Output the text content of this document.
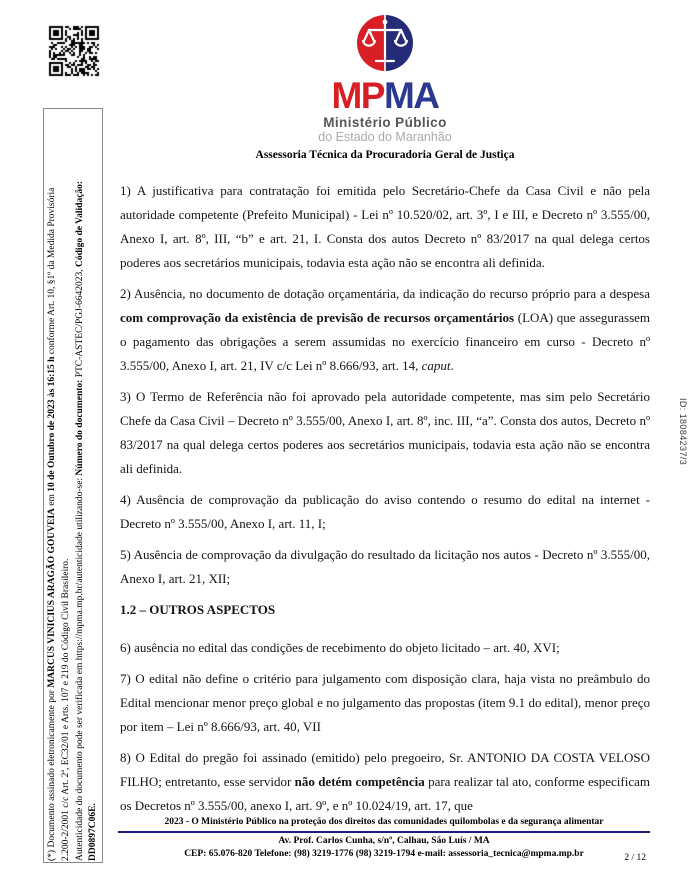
(*) Documento assinado eletronicamente por MARCUS VINICIUS ARAGÃO GOUVEIA em 10 de Outubro de 2023 às 16:15 h conforme Art. 10, §1º da Medida Provisória
2.200-2/2001 c/c Art. 2ª, EC32/01 e Arts. 107 e 219 do Código Civil Brasileiro. Autenticidade do documento pode ser verificada em https://mpma.mp.br/autenticidade utilizando-se: Número do documento: PTC-ASTEC/PGJ-6642023, Código de Validação:
DD0897C06E.
ID: 18084237/3
MPMA
Ministério Público
do Estado do Maranhão
Assessoria Técnica da Procuradoria Geral de Justiça

1) A justificativa para contratação foi emitida pelo Secretário-Chefe da Casa Civil e não pela autoridade competente (Prefeito Municipal) - Lei nº 10.520/02, art. 3º, I e III, e Decreto nº 3.555/00, Anexo I, art. 8º, III, “b” e art. 21, I. Consta dos autos Decreto nº 83/2017 na qual delega certos poderes aos secretários municipais, todavia esta ação não se encontra ali definida.

2) Ausência, no documento de dotação orçamentária, da indicação do recurso próprio para a despesa com comprovação da existência de previsão de recursos orçamentários (LOA) que assegurassem o pagamento das obrigações a serem assumidas no exercício financeiro em curso - Decreto nº 3.555/00, Anexo I, art. 21, IV c/c Lei nº 8.666/93, art. 14, caput.

3) O Termo de Referência não foi aprovado pela autoridade competente, mas sim pelo Secretário Chefe da Casa Civil – Decreto nº 3.555/00, Anexo I, art. 8º, inc. III, “a”. Consta dos autos, Decreto nº 83/2017 na qual delega certos poderes aos secretários municipais, todavia esta ação não se encontra ali definida.

4) Ausência de comprovação da publicação do aviso contendo o resumo do edital na internet - Decreto nº 3.555/00, Anexo I, art. 11, I;

5) Ausência de comprovação da divulgação do resultado da licitação nos autos - Decreto nº 3.555/00, Anexo I, art. 21, XII;

1.2 – OUTROS ASPECTOS

6) ausência no edital das condições de recebimento do objeto licitado – art. 40, XVI;

7) O edital não define o critério para julgamento com disposição clara, haja vista no preâmbulo do Edital mencionar menor preço global e no julgamento das propostas (item 9.1 do edital), menor preço por item – Lei nº 8.666/93, art. 40, VII

8) O Edital do pregão foi assinado (emitido) pelo pregoeiro, Sr. ANTONIO DA COSTA VELOSO FILHO; entretanto, esse servidor não detém competência para realizar tal ato, conforme especificam os Decretos nº 3.555/00, anexo I, art. 9º, e nº 10.024/19, art. 17, que

2023 - O Ministério Público na proteção dos direitos das comunidades quilombolas e da segurança alimentar
Av. Prof. Carlos Cunha, s/nº, Calhau, São Luís / MA
CEP: 65.076-820 Telefone: (98) 3219-1776 (98) 3219-1794 e-mail: assessoria_tecnica@mpma.mp.br	2 / 12
